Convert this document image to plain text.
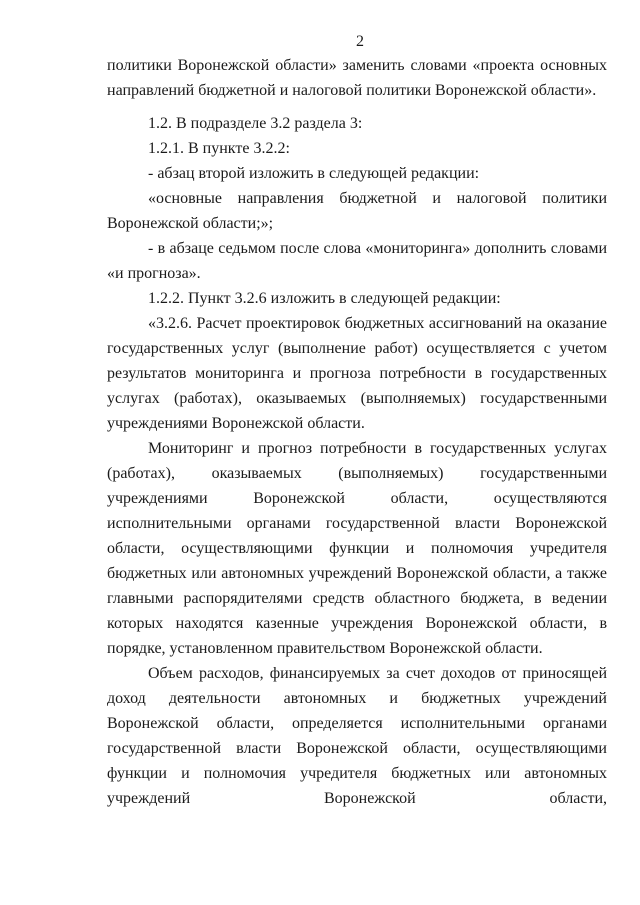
2

политики Воронежской области» заменить словами «проекта основных направлений бюджетной и налоговой политики Воронежской области».

1.2. В подразделе 3.2 раздела 3:

1.2.1. В пункте 3.2.2:

- абзац второй изложить в следующей редакции:

«основные направления бюджетной и налоговой политики Воронежской области;»;

- в абзаце седьмом после слова «мониторинга» дополнить словами «и прогноза».

1.2.2. Пункт 3.2.6 изложить в следующей редакции:

«3.2.6. Расчет проектировок бюджетных ассигнований на оказание государственных услуг (выполнение работ) осуществляется с учетом результатов мониторинга и прогноза потребности в государственных услугах (работах), оказываемых (выполняемых) государственными учреждениями Воронежской области.

Мониторинг и прогноз потребности в государственных услугах (работах), оказываемых (выполняемых) государственными учреждениями Воронежской области, осуществляются исполнительными органами государственной власти Воронежской области, осуществляющими функции и полномочия учредителя бюджетных или автономных учреждений Воронежской области, а также главными распорядителями средств областного бюджета, в ведении которых находятся казенные учреждения Воронежской области, в порядке, установленном правительством Воронежской области.

Объем расходов, финансируемых за счет доходов от приносящей доход деятельности автономных и бюджетных учреждений Воронежской области, определяется исполнительными органами государственной власти Воронежской области, осуществляющими функции и полномочия учредителя бюджетных или автономных учреждений Воронежской области,
